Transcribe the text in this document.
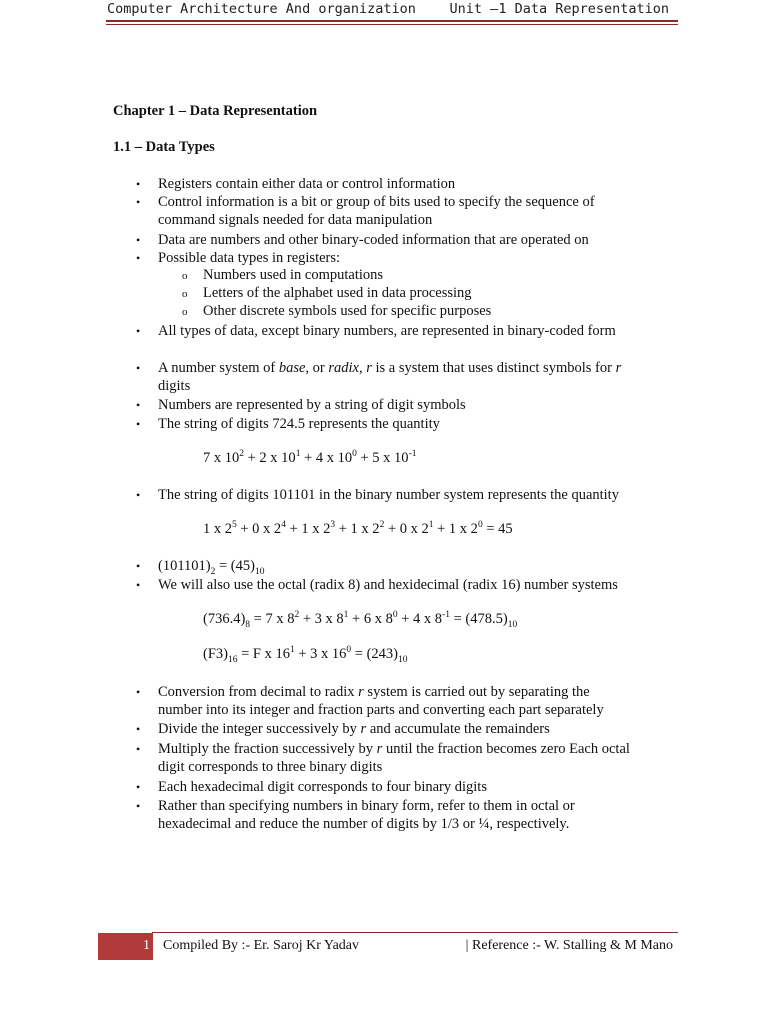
Computer Architecture And organization Unit –1 Data Representation
Chapter 1 – Data Representation
1.1 – Data Types
• Registers contain either data or control information
• Control information is a bit or group of bits used to specify the sequence of
command signals needed for data manipulation
• Data are numbers and other binary-coded information that are operated on
• Possible data types in registers:
o Numbers used in computations
o Letters of the alphabet used in data processing
o Other discrete symbols used for specific purposes
• All types of data, except binary numbers, are represented in binary-coded form
• A number system of base, or radix, r is a system that uses distinct symbols for r
digits
• Numbers are represented by a string of digit symbols
• The string of digits 724.5 represents the quantity
7 x $10^2 + 2$ x $10^1 + 4$ x $10^0 + 5$ x $10^{-1}$
• The string of digits 101101 in the binary number system represents the quantity
1 x $2^5 + 0$ x $2^4 + 1$ x $2^3 + 1$ x $2^2 + 0$ x $2^1 + 1$ x $2^0 = 45$
• $(101101)_2 = (45)_{10}$
• We will also use the octal (radix 8) and hexidecimal (radix 16) number systems
$(736.4)_8 = 7$ x $8^2 + 3$ x $8^1 + 6$ x $8^0 + 4$ x $8^{-1} = (478.5)_{10}$
$(F3)_{16} = F$ x $16^1 + 3$ x $16^0 = (243)_{10}$
• Conversion from decimal to radix r system is carried out by separating the
number into its integer and fraction parts and converting each part separately
• Divide the integer successively by r and accumulate the remainders
• Multiply the fraction successively by r until the fraction becomes zero Each octal
digit corresponds to three binary digits
• Each hexadecimal digit corresponds to four binary digits
• Rather than specifying numbers in binary form, refer to them in octal or
hexadecimal and reduce the number of digits by 1/3 or ¼, respectively.
1 Compiled By :- Er. Saroj Kr Yadav	| Reference :- W. Stalling & M Mano
